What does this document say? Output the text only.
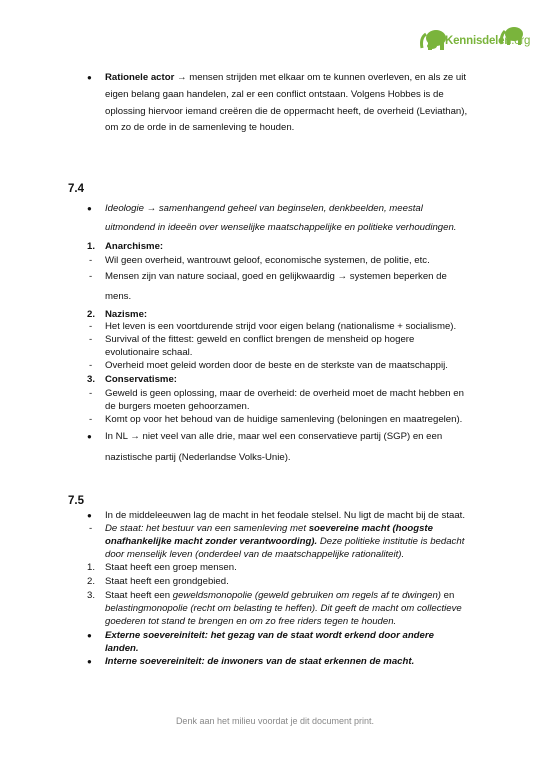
Kennisdelen.org
● Rationele actor → mensen strijden met elkaar om te kunnen overleven, en als ze uit
eigen belang gaan handelen, zal er een conflict ontstaan. Volgens Hobbes is de
oplossing hiervoor iemand creëren die de oppermacht heeft, de overheid (Leviathan),
om zo de orde in de samenleving te houden.
7.4
● Ideologie → samenhangend geheel van beginselen, denkbeelden, meestal
uitmondend in ideeën over wenselijke maatschappelijke en politieke verhoudingen.
1. Anarchisme:
- Wil geen overheid, wantrouwt geloof, economische systemen, de politie, etc.
- Mensen zijn van nature sociaal, goed en gelijkwaardig → systemen beperken de
mens.
2. Nazisme:
- Het leven is een voortdurende strijd voor eigen belang (nationalisme + socialisme).
- Survival of the fittest: geweld en conflict brengen de mensheid op hogere
evolutionaire schaal.
- Overheid moet geleid worden door de beste en de sterkste van de maatschappij.
3. Conservatisme:
- Geweld is geen oplossing, maar de overheid: de overheid moet de macht hebben en
de burgers moeten gehoorzamen.
- Komt op voor het behoud van de huidige samenleving (beloningen en maatregelen).
● In NL → niet veel van alle drie, maar wel een conservatieve partij (SGP) en een
nazistische partij (Nederlandse Volks-Unie).
7.5
● In de middeleeuwen lag de macht in het feodale stelsel. Nu ligt de macht bij de staat.
- De staat: het bestuur van een samenleving met soevereine macht (hoogste
onafhankelijke macht zonder verantwoording). Deze politieke institutie is bedacht
door menselijk leven (onderdeel van de maatschappelijke rationaliteit).
1. Staat heeft een groep mensen.
2. Staat heeft een grondgebied.
3. Staat heeft een geweldsmonopolie (geweld gebruiken om regels af te dwingen) en
belastingmonopolie (recht om belasting te heffen). Dit geeft de macht om collectieve
goederen tot stand te brengen en om zo free riders tegen te houden.
● Externe soevereiniteit: het gezag van de staat wordt erkend door andere
landen.
● Interne soevereiniteit: de inwoners van de staat erkennen de macht.
Denk aan het milieu voordat je dit document print.
